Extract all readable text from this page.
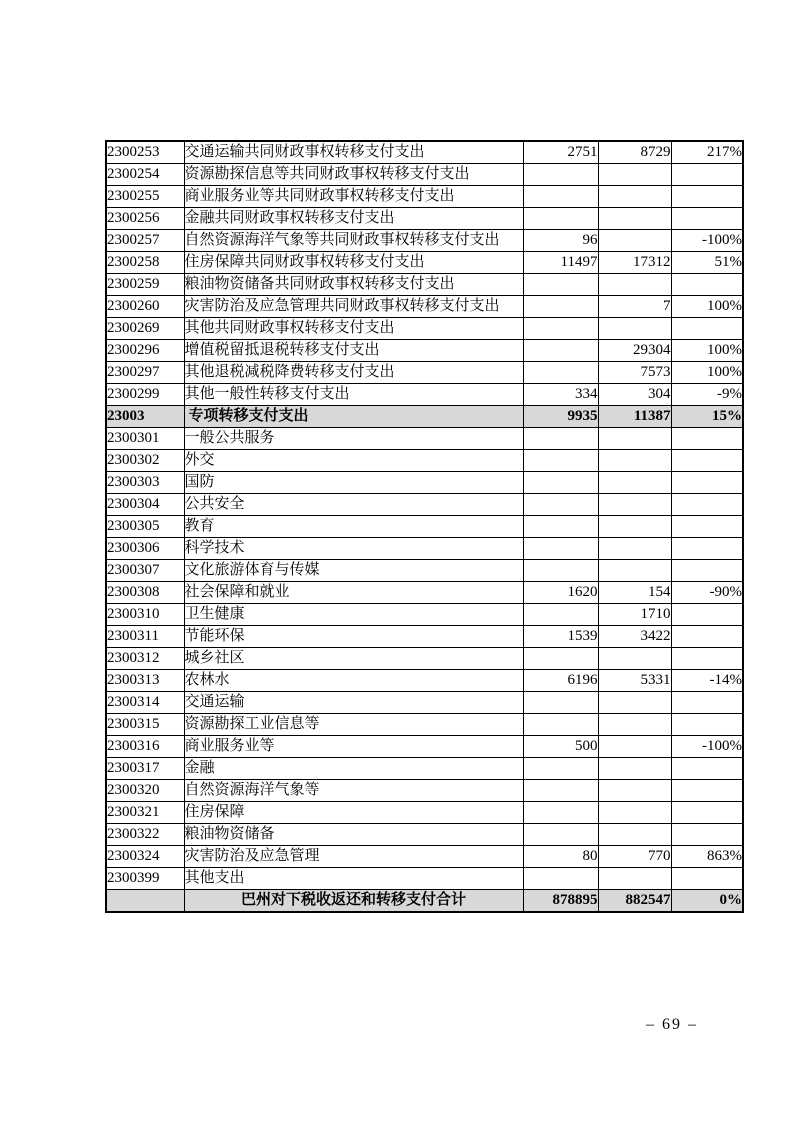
2300253	交通运输共同财政事权转移支付支出	2751	8729	217%
2300254	资源勘探信息等共同财政事权转移支付支出			
2300255	商业服务业等共同财政事权转移支付支出			
2300256	金融共同财政事权转移支付支出			
2300257	自然资源海洋气象等共同财政事权转移支付支出	96		-100%
2300258	住房保障共同财政事权转移支付支出	11497	17312	51%
2300259	粮油物资储备共同财政事权转移支付支出			
2300260	灾害防治及应急管理共同财政事权转移支付支出		7	100%
2300269	其他共同财政事权转移支付支出			
2300296	增值税留抵退税转移支付支出		29304	100%
2300297	其他退税减税降费转移支付支出		7573	100%
2300299	其他一般性转移支付支出	334	304	-9%
23003	专项转移支付支出	9935	11387	15%
2300301	一般公共服务			
2300302	外交			
2300303	国防			
2300304	公共安全			
2300305	教育			
2300306	科学技术			
2300307	文化旅游体育与传媒			
2300308	社会保障和就业	1620	154	-90%
2300310	卫生健康		1710	
2300311	节能环保	1539	3422	
2300312	城乡社区			
2300313	农林水	6196	5331	-14%
2300314	交通运输			
2300315	资源勘探工业信息等			
2300316	商业服务业等	500		-100%
2300317	金融			
2300320	自然资源海洋气象等			
2300321	住房保障			
2300322	粮油物资储备			
2300324	灾害防治及应急管理	80	770	863%
2300399	其他支出			
	巴州对下税收返还和转移支付合计	878895	882547	0%
– 69 –
